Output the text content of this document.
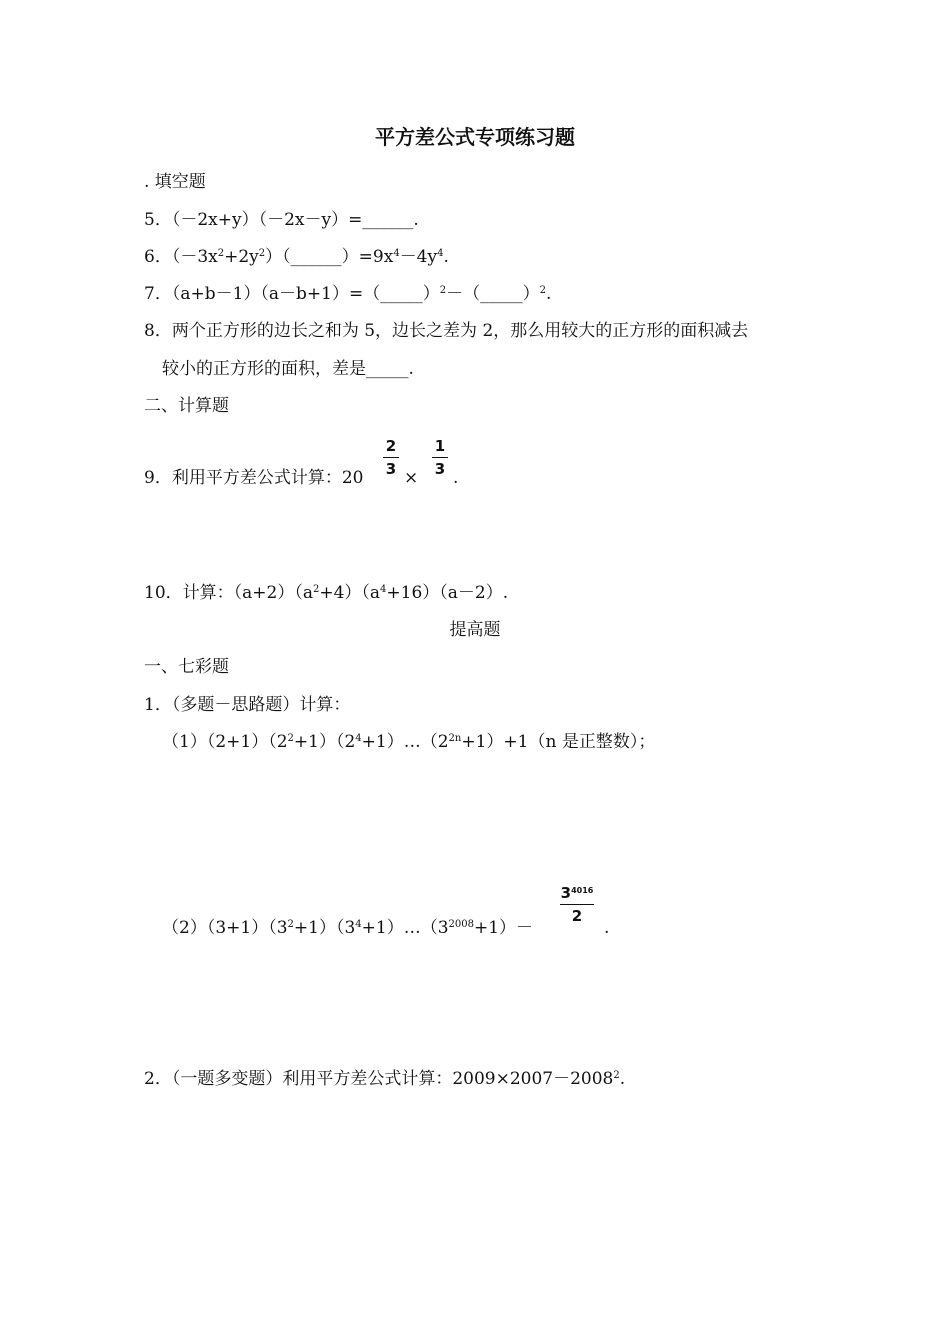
平方差公式专项练习题
. 填空题
5．（－2x+y）（－2x－y）=______.
6．$(-3x^2+2y^2)(\_\_\_\_\_\_)=9x^4-4y^4$.
7．（a+b－1）（a－b+1）=（_____）$^2$－（_____）$^2$.
8．两个正方形的边长之和为 5，边长之差为 2，那么用较大的正方形的面积减去
较小的正方形的面积，差是_____.
二、计算题
9．利用平方差公式计算：20
2
3 ×
1
3 .
10．计算：$(a+2)(a^2+4)(a^4+16)(a-2)$.
提高题
一、七彩题
1．（多题－思路题）计算：
$(1)(2+1)(2^2+1)(2^4+1)\dots(2^{2n}+1)+1(n$ 是正整数）；
$(2)(3+1)(3^2+1)(3^4+1)\dots(3^{2008}+1)-$
$3^{4016}$
2
.
2．（一题多变题）利用平方差公式计算：$2009\times 2007-2008^2$.
